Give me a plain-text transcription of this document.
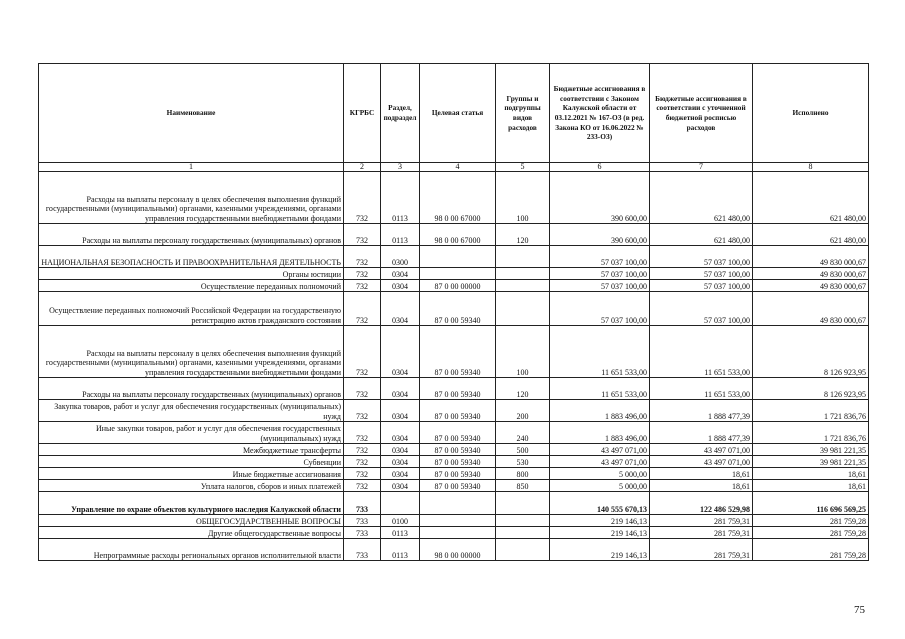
Наименование	КГРБС	Раздел, подраздел	Целевая статья	Группы и подгруппы видов расходов	Бюджетные ассигнования в соответствии с Законом Калужской области от 03.12.2021 № 167-ОЗ (в ред. Закона КО от 16.06.2022 № 233-ОЗ)	Бюджетные ассигнования в соответствии с уточненной бюджетной росписью расходов	Исполнено
1	2	3	4	5	6	7	8
Расходы на выплаты персоналу в целях обеспечения выполнения функций государственными (муниципальными) органами, казенными учреждениями, органами управления государственными внебюджетными фондами	732	0113	98 0 00 67000	100	390 600,00	621 480,00	621 480,00
Расходы на выплаты персоналу государственных (муниципальных) органов	732	0113	98 0 00 67000	120	390 600,00	621 480,00	621 480,00
НАЦИОНАЛЬНАЯ БЕЗОПАСНОСТЬ И ПРАВООХРАНИТЕЛЬНАЯ ДЕЯТЕЛЬНОСТЬ	732	0300			57 037 100,00	57 037 100,00	49 830 000,67
Органы юстиции	732	0304			57 037 100,00	57 037 100,00	49 830 000,67
Осуществление переданных полномочий	732	0304	87 0 00 00000		57 037 100,00	57 037 100,00	49 830 000,67
Осуществление переданных полномочий Российской Федерации на государственную регистрацию актов гражданского состояния	732	0304	87 0 00 59340		57 037 100,00	57 037 100,00	49 830 000,67
Расходы на выплаты персоналу в целях обеспечения выполнения функций государственными (муниципальными) органами, казенными учреждениями, органами управления государственными внебюджетными фондами	732	0304	87 0 00 59340	100	11 651 533,00	11 651 533,00	8 126 923,95
Расходы на выплаты персоналу государственных (муниципальных) органов	732	0304	87 0 00 59340	120	11 651 533,00	11 651 533,00	8 126 923,95
Закупка товаров, работ и услуг для обеспечения государственных (муниципальных) нужд	732	0304	87 0 00 59340	200	1 883 496,00	1 888 477,39	1 721 836,76
Иные закупки товаров, работ и услуг для обеспечения государственных (муниципальных) нужд	732	0304	87 0 00 59340	240	1 883 496,00	1 888 477,39	1 721 836,76
Межбюджетные трансферты	732	0304	87 0 00 59340	500	43 497 071,00	43 497 071,00	39 981 221,35
Субвенции	732	0304	87 0 00 59340	530	43 497 071,00	43 497 071,00	39 981 221,35
Иные бюджетные ассигнования	732	0304	87 0 00 59340	800	5 000,00	18,61	18,61
Уплата налогов, сборов и иных платежей	732	0304	87 0 00 59340	850	5 000,00	18,61	18,61
Управление по охране объектов культурного наследия Калужской области	733				140 555 670,13	122 486 529,98	116 696 569,25
ОБЩЕГОСУДАРСТВЕННЫЕ ВОПРОСЫ	733	0100			219 146,13	281 759,31	281 759,28
Другие общегосударственные вопросы	733	0113			219 146,13	281 759,31	281 759,28
Непрограммные расходы региональных органов исполнительной власти	733	0113	98 0 00 00000		219 146,13	281 759,31	281 759,28
75
